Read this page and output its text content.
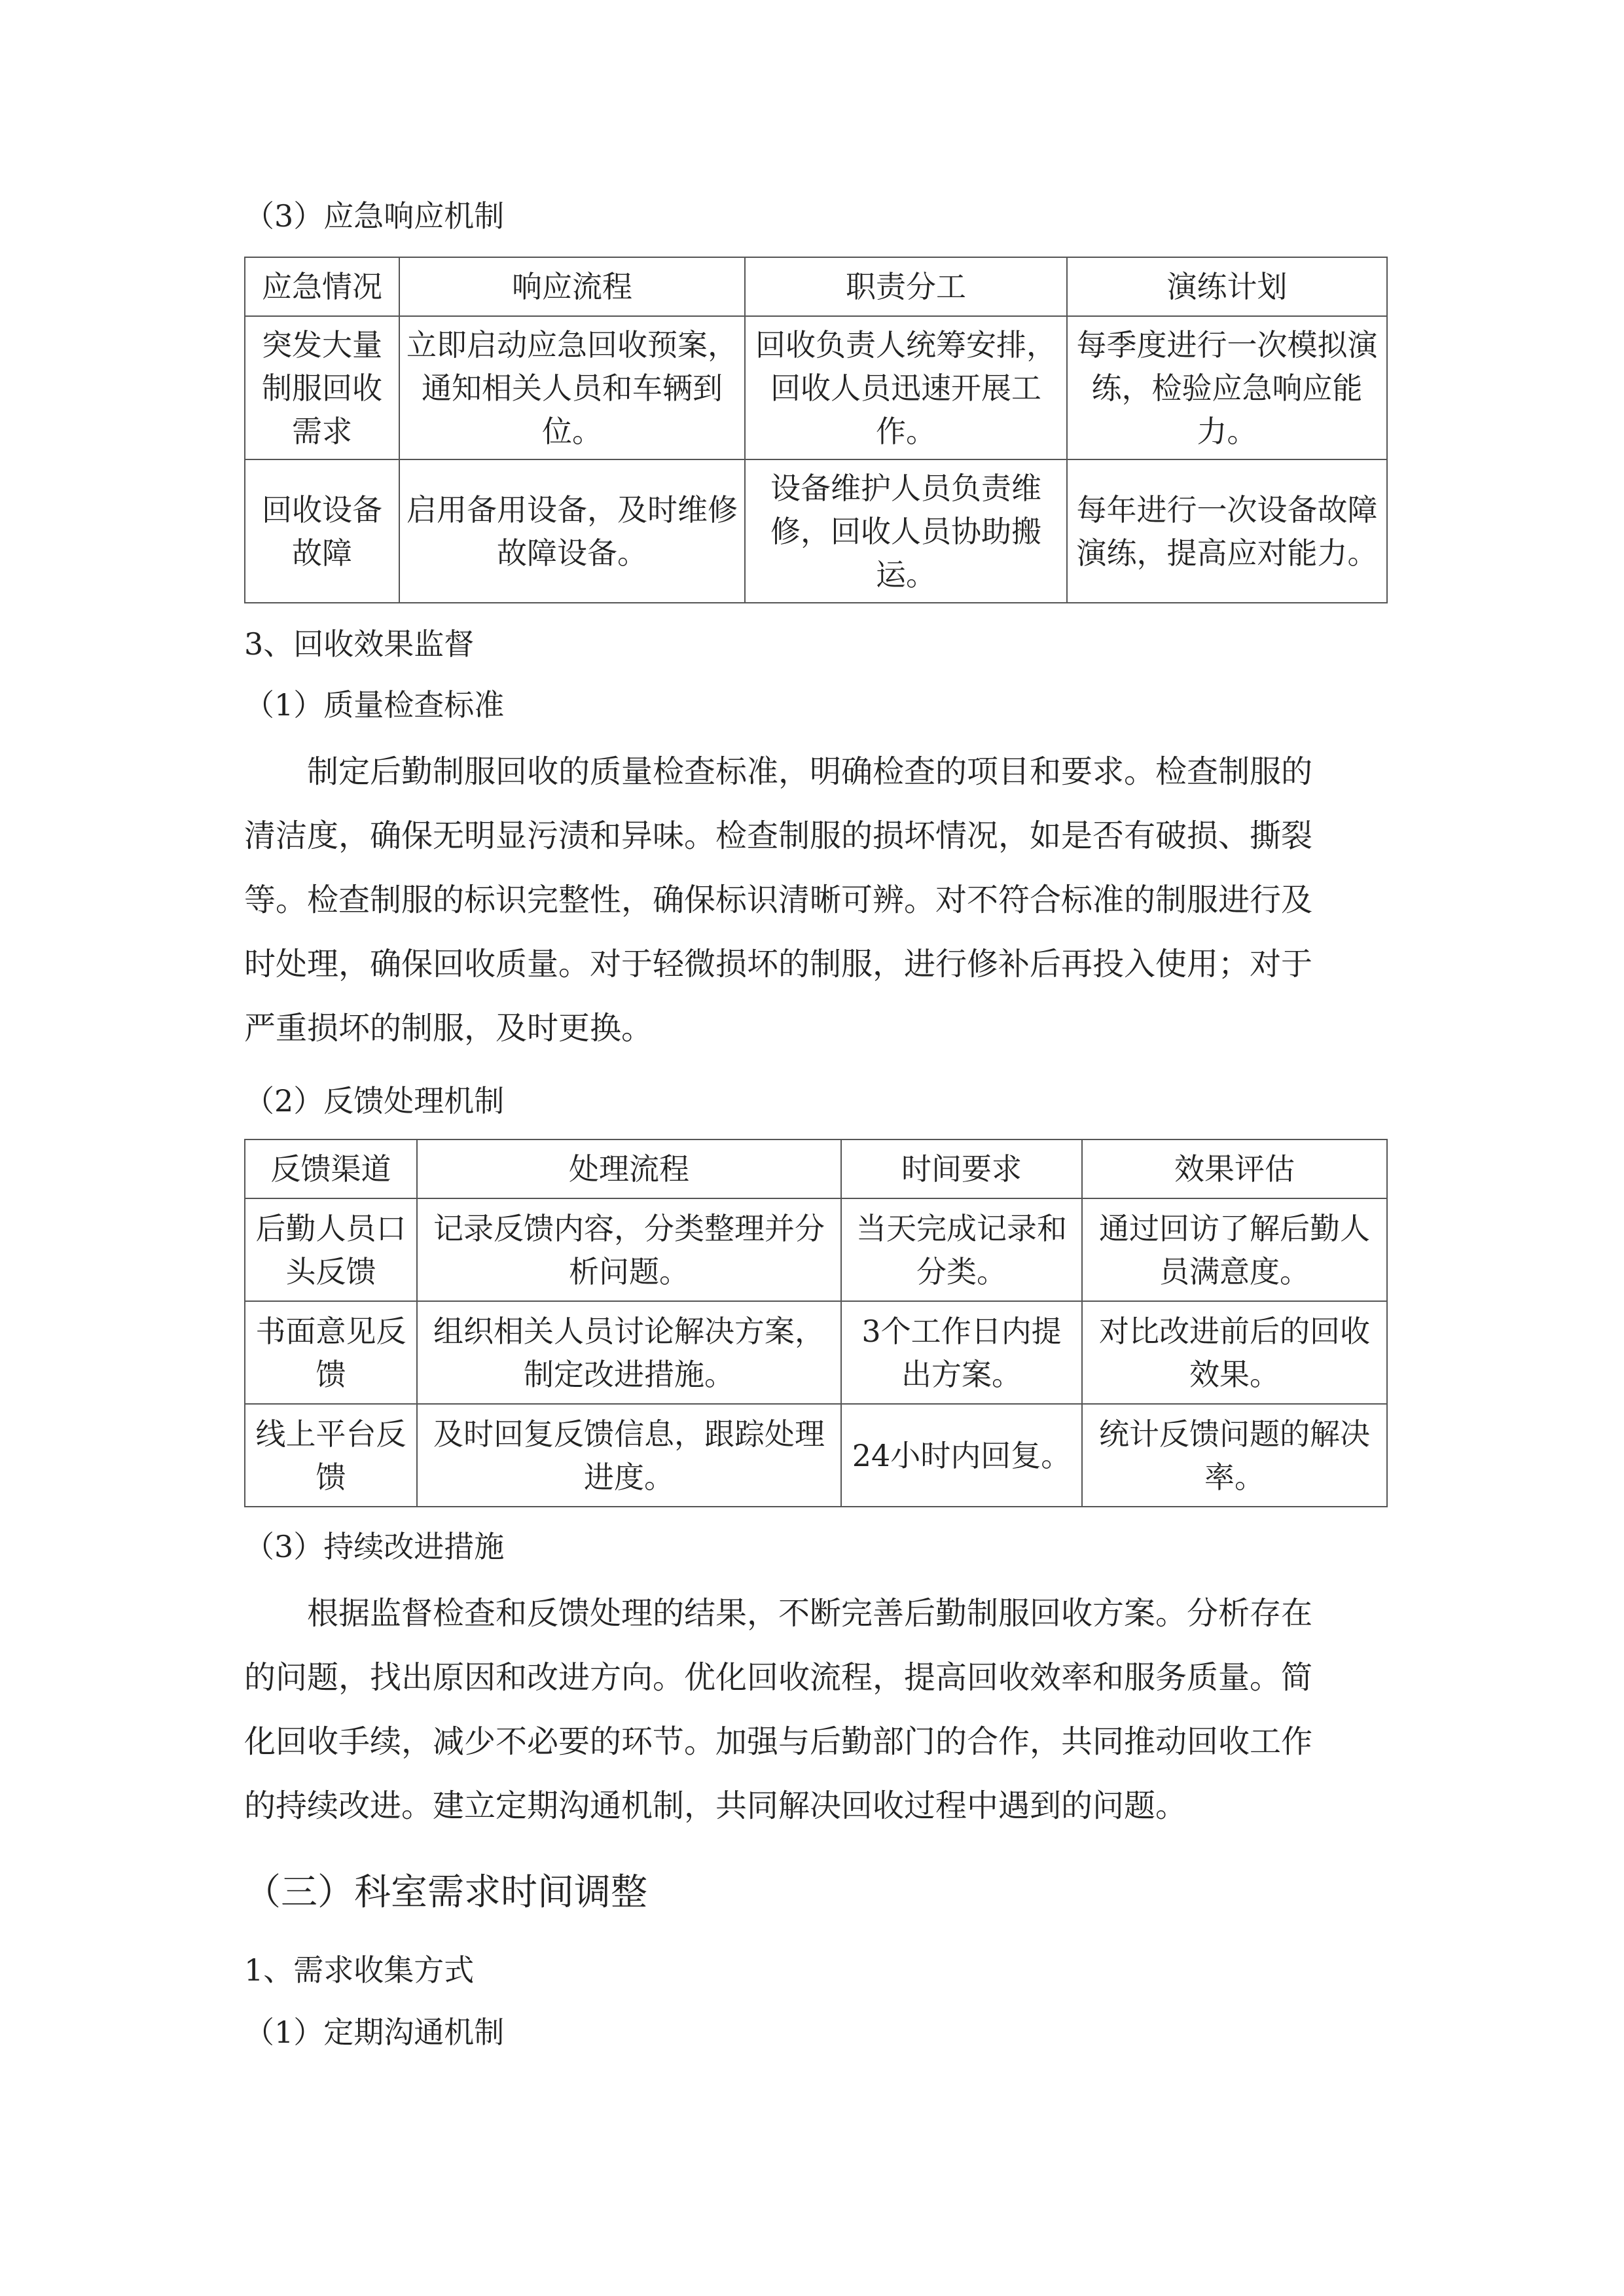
（3）应急响应机制
应急情况	响应流程	职责分工	演练计划
突发大量制服回收需求	立即启动应急回收预案，通知相关人员和车辆到位。	回收负责人统筹安排，回收人员迅速开展工作。	每季度进行一次模拟演练，检验应急响应能力。
回收设备故障	启用备用设备，及时维修故障设备。	设备维护人员负责维修，回收人员协助搬运。	每年进行一次设备故障演练，提高应对能力。
3、回收效果监督
（1）质量检查标准
制定后勤制服回收的质量检查标准，明确检查的项目和要求。检查制服的
清洁度，确保无明显污渍和异味。检查制服的损坏情况，如是否有破损、撕裂
等。检查制服的标识完整性，确保标识清晰可辨。对不符合标准的制服进行及
时处理，确保回收质量。对于轻微损坏的制服，进行修补后再投入使用；对于
严重损坏的制服，及时更换。
（2）反馈处理机制
反馈渠道	处理流程	时间要求	效果评估
后勤人员口头反馈	记录反馈内容，分类整理并分析问题。	当天完成记录和分类。	通过回访了解后勤人员满意度。
书面意见反馈	组织相关人员讨论解决方案，制定改进措施。	3个工作日内提出方案。	对比改进前后的回收效果。
线上平台反馈	及时回复反馈信息，跟踪处理进度。	24小时内回复。	统计反馈问题的解决率。
（3）持续改进措施
根据监督检查和反馈处理的结果，不断完善后勤制服回收方案。分析存在
的问题，找出原因和改进方向。优化回收流程，提高回收效率和服务质量。简
化回收手续，减少不必要的环节。加强与后勤部门的合作，共同推动回收工作
的持续改进。建立定期沟通机制，共同解决回收过程中遇到的问题。
（三）科室需求时间调整
1、需求收集方式
（1）定期沟通机制
